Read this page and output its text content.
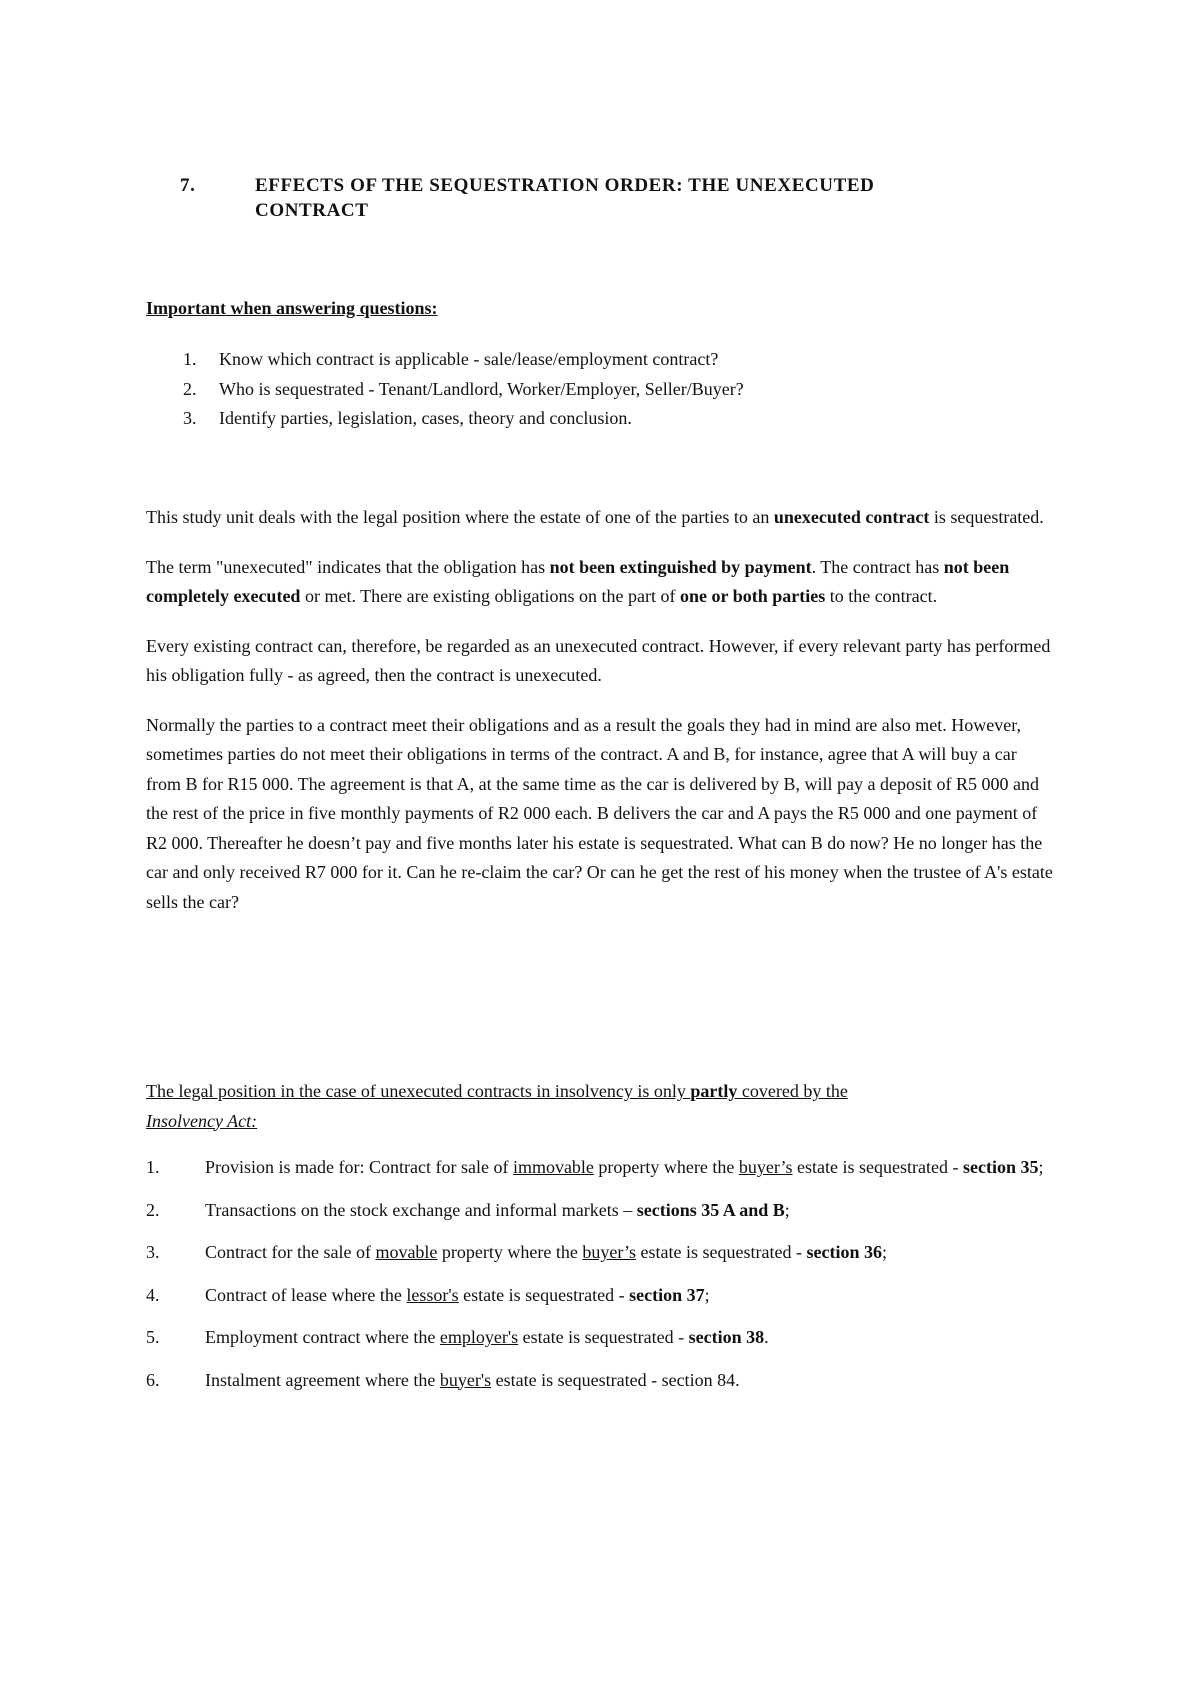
7.	EFFECTS OF THE SEQUESTRATION ORDER: THE UNEXECUTED CONTRACT
Important when answering questions:
1.	Know which contract is applicable - sale/lease/employment contract?
2.	Who is sequestrated - Tenant/Landlord, Worker/Employer, Seller/Buyer?
3.	Identify parties, legislation, cases, theory and conclusion.

This study unit deals with the legal position where the estate of one of the parties to an unexecuted contract is sequestrated.

The term "unexecuted" indicates that the obligation has not been extinguished by payment. The contract has not been completely executed or met. There are existing obligations on the part of one or both parties to the contract.

Every existing contract can, therefore, be regarded as an unexecuted contract. However, if every relevant party has performed his obligation fully - as agreed, then the contract is unexecuted.

Normally the parties to a contract meet their obligations and as a result the goals they had in mind are also met. However, sometimes parties do not meet their obligations in terms of the contract. A and B, for instance, agree that A will buy a car from B for R15 000. The agreement is that A, at the same time as the car is delivered by B, will pay a deposit of R5 000 and the rest of the price in five monthly payments of R2 000 each. B delivers the car and A pays the R5 000 and one payment of R2 000. Thereafter he doesn’t pay and five months later his estate is sequestrated. What can B do now? He no longer has the car and only received R7 000 for it. Can he re-claim the car? Or can he get the rest of his money when the trustee of A's estate sells the car?

The legal position in the case of unexecuted contracts in insolvency is only partly covered by the
Insolvency Act:
1.	Provision is made for: Contract for sale of immovable property where the buyer’s estate is sequestrated - section 35;
2.	Transactions on the stock exchange and informal markets – sections 35 A and B;
3.	Contract for the sale of movable property where the buyer’s estate is sequestrated - section 36;
4.	Contract of lease where the lessor's estate is sequestrated - section 37;
5.	Employment contract where the employer's estate is sequestrated - section 38.
6.	Instalment agreement where the buyer's estate is sequestrated - section 84.
